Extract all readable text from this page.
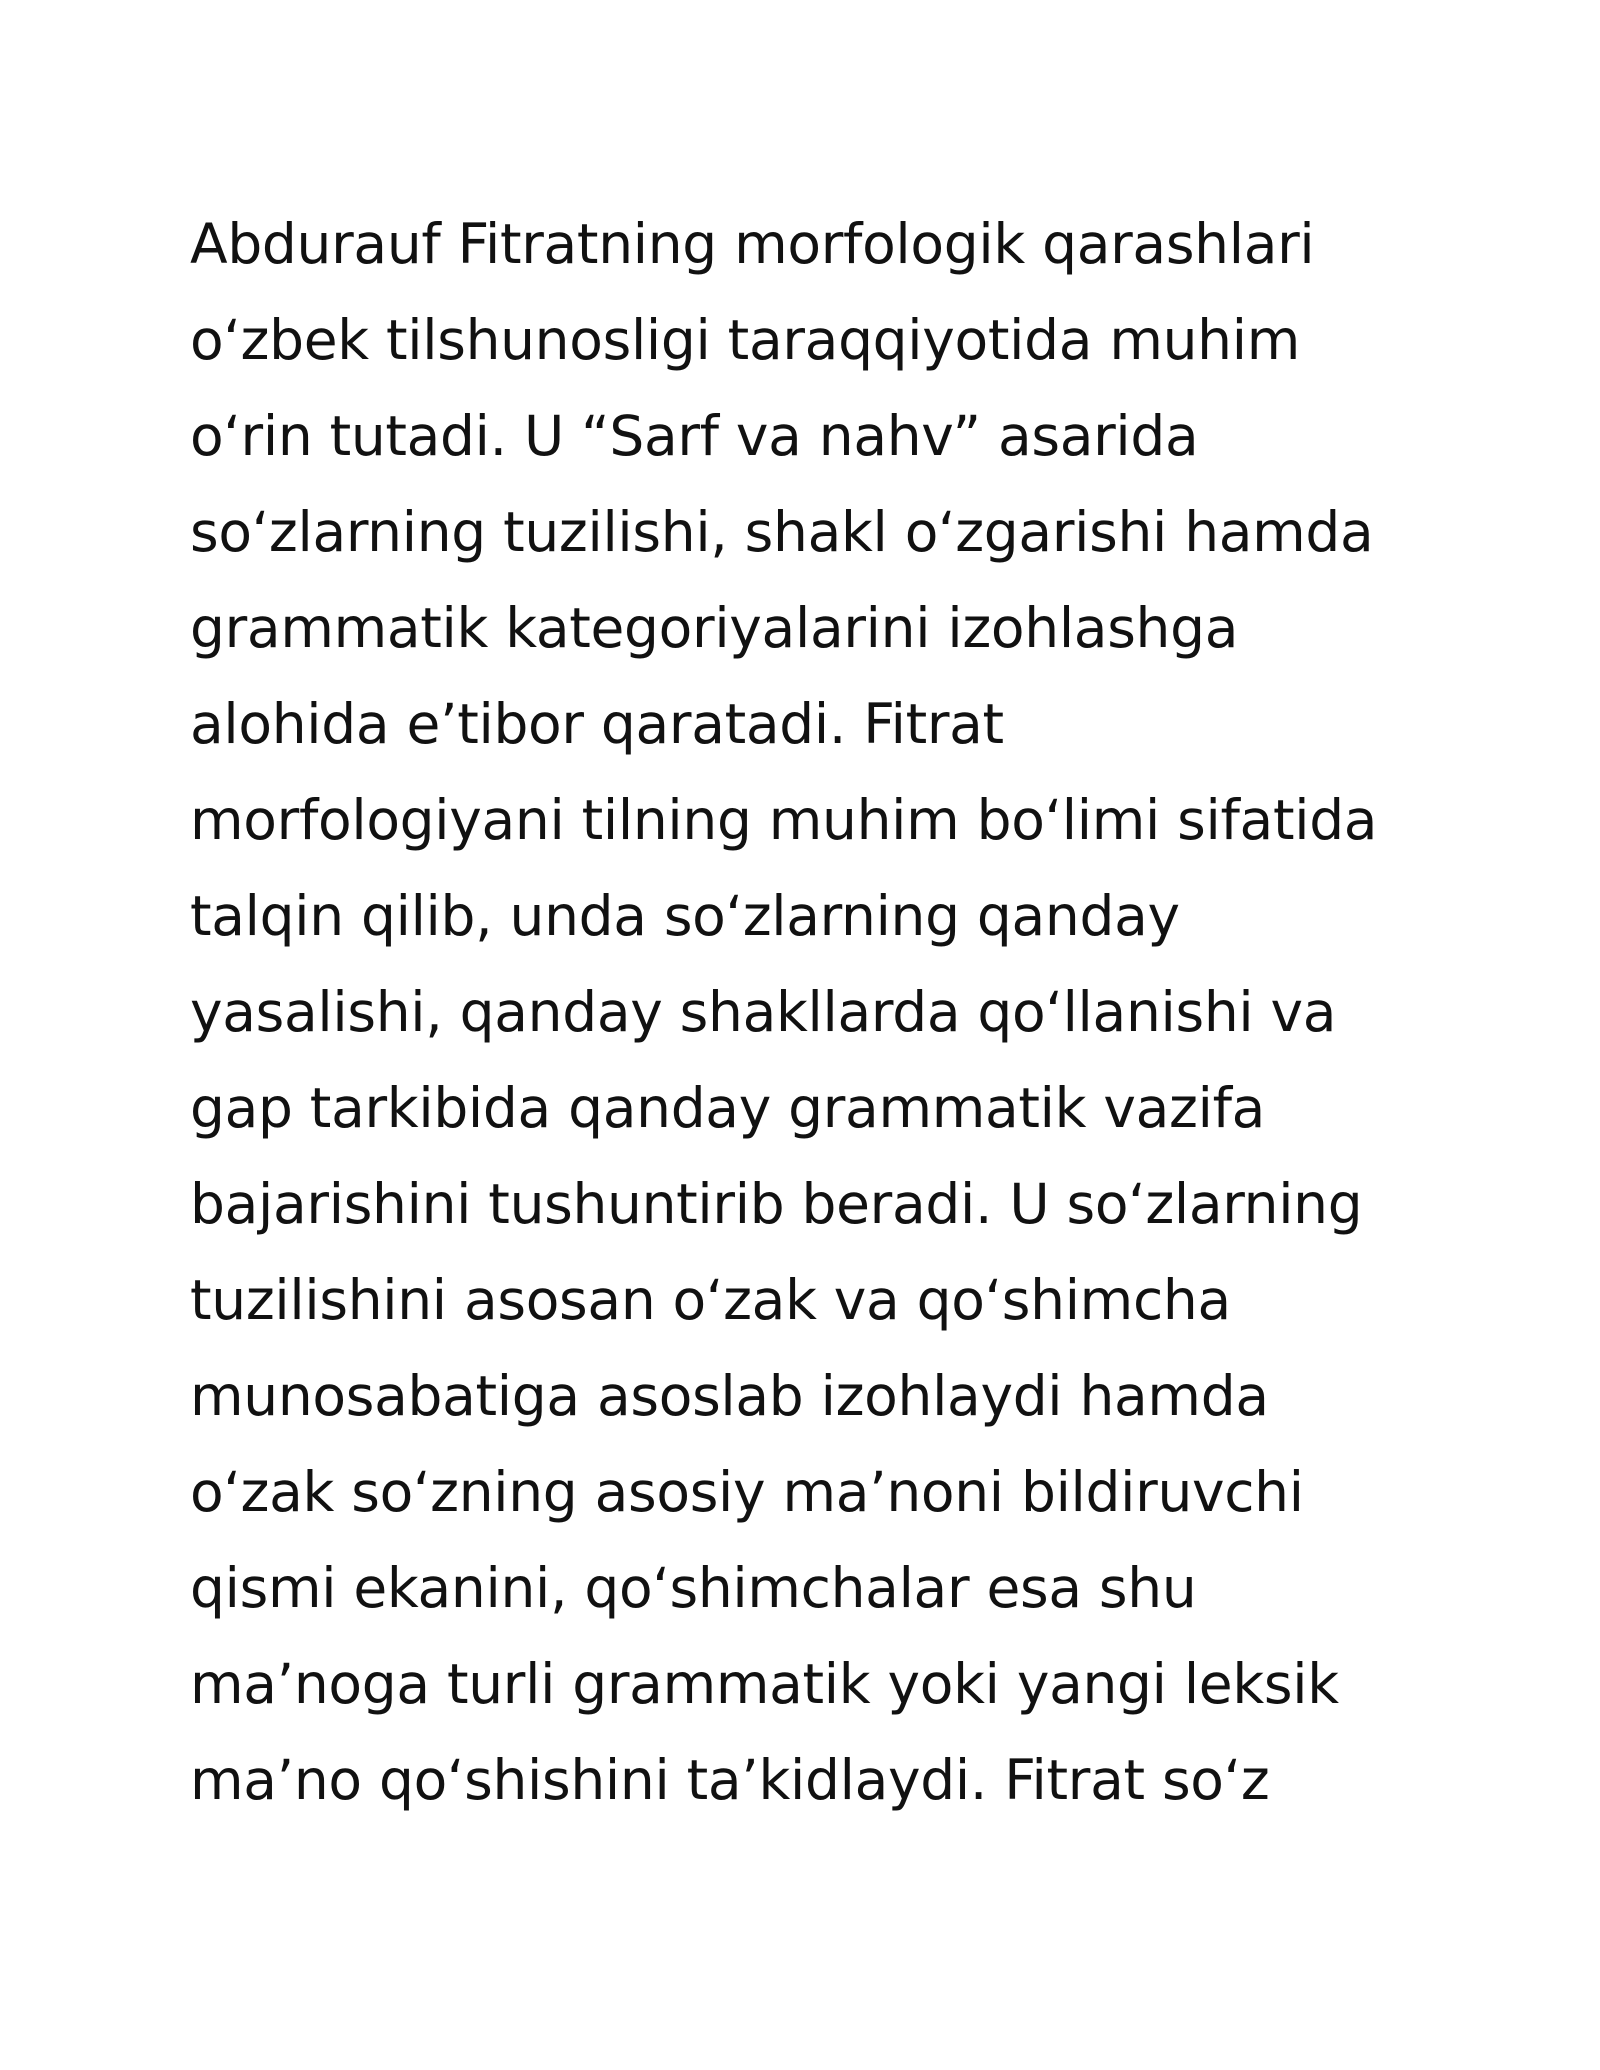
Abdurauf Fitratning morfologik qarashlari
o‘zbek tilshunosligi taraqqiyotida muhim
o‘rin tutadi. U “Sarf va nahv” asarida
so‘zlarning tuzilishi, shakl o‘zgarishi hamda
grammatik kategoriyalarini izohlashga
alohida e’tibor qaratadi. Fitrat
morfologiyani tilning muhim bo‘limi sifatida
talqin qilib, unda so‘zlarning qanday
yasalishi, qanday shakllarda qo‘llanishi va
gap tarkibida qanday grammatik vazifa
bajarishini tushuntirib beradi. U so‘zlarning
tuzilishini asosan o‘zak va qo‘shimcha
munosabatiga asoslab izohlaydi hamda
o‘zak so‘zning asosiy ma’noni bildiruvchi
qismi ekanini, qo‘shimchalar esa shu
ma’noga turli grammatik yoki yangi leksik
ma’no qo‘shishini ta’kidlaydi. Fitrat so‘z
